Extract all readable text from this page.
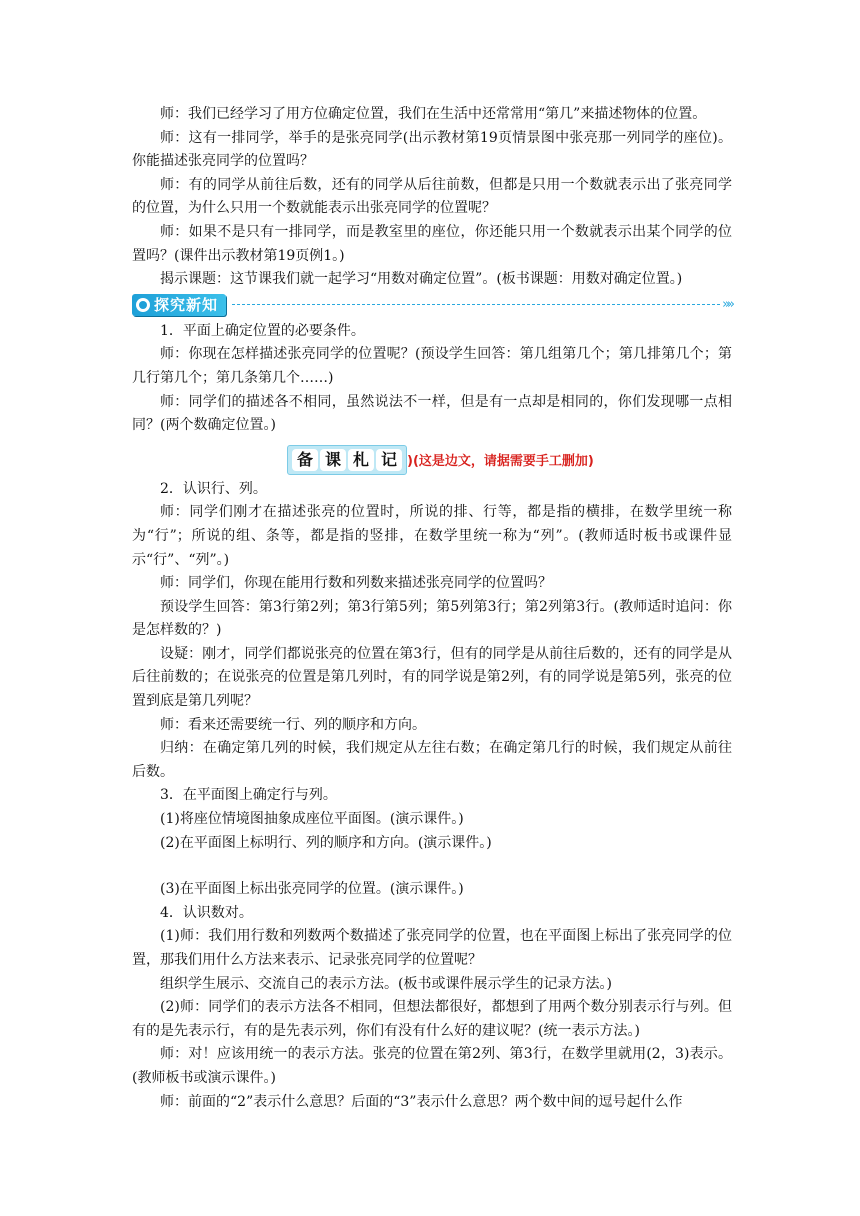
师：我们已经学习了用方位确定位置，我们在生活中还常常用“第几”来描述物体的位置。

师：这有一排同学，举手的是张亮同学(出示教材第19页情景图中张亮那一列同学的座位)。你能描述张亮同学的位置吗？

师：有的同学从前往后数，还有的同学从后往前数，但都是只用一个数就表示出了张亮同学的位置，为什么只用一个数就能表示出张亮同学的位置呢？

师：如果不是只有一排同学，而是教室里的座位，你还能只用一个数就表示出某个同学的位置吗？(课件出示教材第19页例1。)

揭示课题：这节课我们就一起学习“用数对确定位置”。(板书课题：用数对确定位置。)

探究新知	»»

1．平面上确定位置的必要条件。

师：你现在怎样描述张亮同学的位置呢？(预设学生回答：第几组第几个；第几排第几个；第几行第几个；第几条第几个……)

师：同学们的描述各不相同，虽然说法不一样，但是有一点却是相同的，你们发现哪一点相同？(两个数确定位置。)

备 课 札 记 )(这是边文，请据需要手工删加)

2．认识行、列。

师：同学们刚才在描述张亮的位置时，所说的排、行等，都是指的横排，在数学里统一称为“行”；所说的组、条等，都是指的竖排，在数学里统一称为“列”。(教师适时板书或课件显示“行”、“列”。)

师：同学们，你现在能用行数和列数来描述张亮同学的位置吗？

预设学生回答：第3行第2列；第3行第5列；第5列第3行；第2列第3行。(教师适时追问：你是怎样数的？)

设疑：刚才，同学们都说张亮的位置在第3行，但有的同学是从前往后数的，还有的同学是从后往前数的；在说张亮的位置是第几列时，有的同学说是第2列，有的同学说是第5列，张亮的位置到底是第几列呢？

师：看来还需要统一行、列的顺序和方向。

归纳：在确定第几列的时候，我们规定从左往右数；在确定第几行的时候，我们规定从前往后数。

3．在平面图上确定行与列。

(1)将座位情境图抽象成座位平面图。(演示课件。)

(2)在平面图上标明行、列的顺序和方向。(演示课件。)

(3)在平面图上标出张亮同学的位置。(演示课件。)

4．认识数对。

(1)师：我们用行数和列数两个数描述了张亮同学的位置，也在平面图上标出了张亮同学的位置，那我们用什么方法来表示、记录张亮同学的位置呢？

组织学生展示、交流自己的表示方法。(板书或课件展示学生的记录方法。)

(2)师：同学们的表示方法各不相同，但想法都很好，都想到了用两个数分别表示行与列。但有的是先表示行，有的是先表示列，你们有没有什么好的建议呢？(统一表示方法。)

师：对！应该用统一的表示方法。张亮的位置在第2列、第3行，在数学里就用(2，3)表示。(教师板书或演示课件。)

师：前面的“2”表示什么意思？后面的“3”表示什么意思？两个数中间的逗号起什么作
